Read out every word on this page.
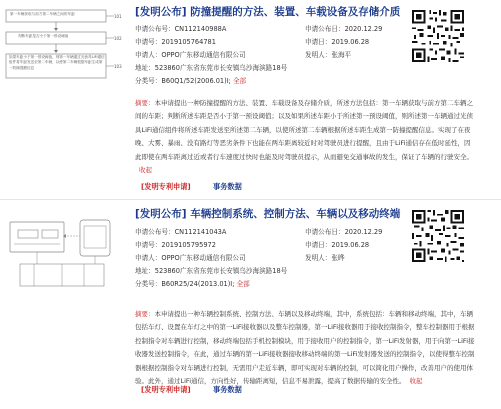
第一车辆获取与前方第二车辆之间的车距
判断车距是否小于第一预设阈值
如果车距小于第一预设阈值，则第一车辆通过光侦具LiFi通信组件将车距发送至第二车辆，以使第二车辆根据车距生成第一防撞提醒信息
101
102
103
[发明公布] 防撞提醒的方法、装置、车载设备及存储介质
申请公布号：CN112140988A	申请公布日：2020.12.29
申请号：2019105764781	申请日：2019.06.28
申请人：OPPO广东移动通信有限公司	发明人：张海平
地址：523860广东省东莞市长安镇乌沙海滨路18号
分类号：B60Q1/52(2006.01)I; 全部
摘要：本申请提出一种防撞提醒的方法、装置、车载设备及存储介质，所述方法包括：第一车辆获取与前方第二车辆之间的车距；判断所述车距是否小于第一预设阈值；以及如果所述车距小于所述第一预设阈值，则所述第一车辆通过光侦具LiFi通信组件将所述车距发送至所述第二车辆，以使所述第二车辆根据所述车距生成第一防撞提醒信息。实现了在夜晚、大雾、暴雨、没有路灯等恶劣条件下也能在两车距离较近时对驾驶员进行提醒，且由于LiFi通信存在低时延性，因此即使在两车距离过近或者行车速度过快时也能及时驾驶员提示，从而避免交通事故的发生，保证了车辆的行驶安全。收起
[发明专利申请]	事务数据
[发明公布] 车辆控制系统、控制方法、车辆以及移动终端
申请公布号：CN112141043A	申请公布日：2020.12.29
申请号：2019105795972	申请日：2019.06.28
申请人：OPPO广东移动通信有限公司	发明人：张晔
地址：523860广东省东莞市长安镇乌沙海滨路18号
分类号：B60R25/24(2013.01)I; 全部
摘要：本申请提出一种车辆控制系统、控制方法、车辆以及移动终端，其中，系统包括：车辆和移动终端，其中，车辆包括车灯、设置在车灯之中的第一LiFi接收器以及整车控制器，第一LiFi接收器用于接收控制指令，整车控制器用于根据控制指令对车辆进行控制，移动终端包括手机控制模块，用于接收用户的控制指令，第一LiFi发射器，用于向第一LiFi接收器发送控制指令，在此，通过车辆的第一LiFi接收器接收移动终端的第一LiFi发射器发送的控制指令，以使得整车控制器根据控制指令对车辆进行控制，无需用户走近车辆，即可实现对车辆的控制，可以简化用户操作，改善用户的使用体验。此外，通过LiFi通信，方向性好，传输距离短，信息不易泄露，提高了数据传输的安全性。 收起
[发明专利申请]	事务数据
